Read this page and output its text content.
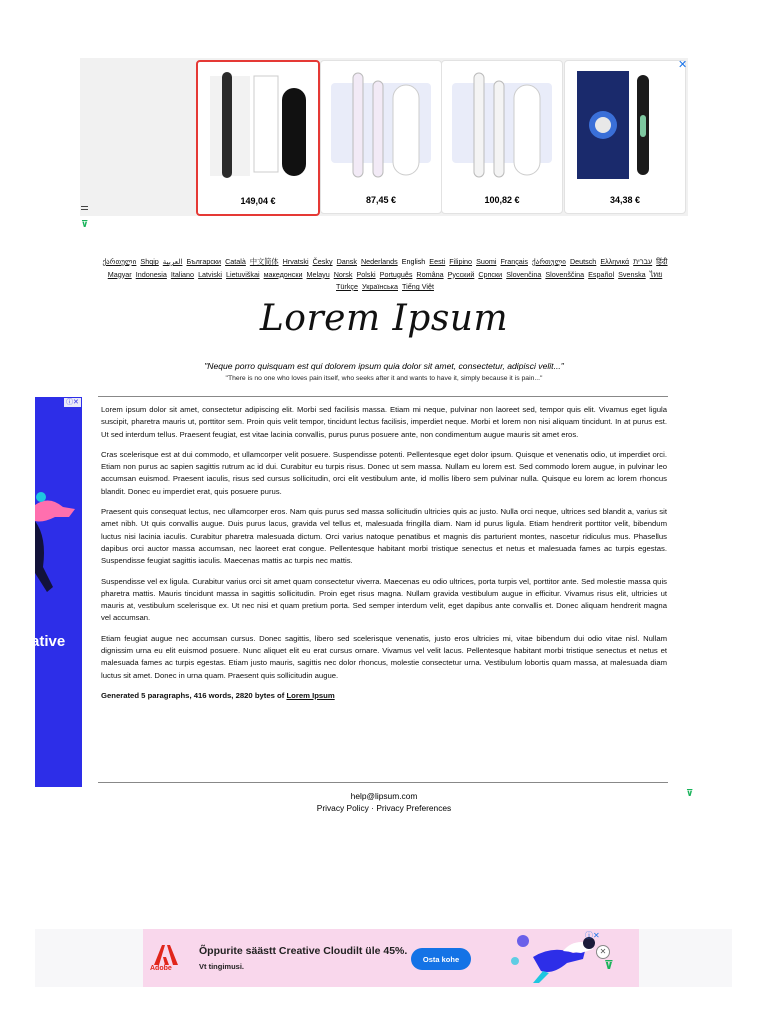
149,04 €	87,45 €	100,82 €	34,38 €
✕
⊽
ქართული Shqip العربية Български Català 中文简体 Hrvatski Česky Dansk Nederlands English Eesti Filipino Suomi Français ქართული Deutsch Ελληνικά עברית हिंदी Magyar Indonesia Italiano Latviski Lietuviškai македонски Melayu Norsk Polski Português Româna Pyccкий Српски Slovenčina Slovenščina Español Svenska ไทย Türkçe Українська Tiếng Việt
Lorem Ipsum
"Neque porro quisquam est qui dolorem ipsum quia dolor sit amet, consectetur, adipisci velit..."
"There is no one who loves pain itself, who seeks after it and wants to have it, simply because it is pain..."
ative
ⓘ✕

Lorem ipsum dolor sit amet, consectetur adipiscing elit. Morbi sed facilisis massa. Etiam mi neque, pulvinar non laoreet sed, tempor quis elit. Vivamus eget ligula suscipit, pharetra mauris ut, porttitor sem. Proin quis velit tempor, tincidunt lectus facilisis, imperdiet neque. Morbi et lorem non nisi aliquam tincidunt. In at purus est. Ut sed interdum tellus. Praesent feugiat, est vitae lacinia convallis, purus purus posuere ante, non condimentum augue mauris sit amet eros.

Cras scelerisque est at dui commodo, et ullamcorper velit posuere. Suspendisse potenti. Pellentesque eget dolor ipsum. Quisque et venenatis odio, ut imperdiet orci. Etiam non purus ac sapien sagittis rutrum ac id dui. Curabitur eu turpis risus. Donec ut sem massa. Nullam eu lorem est. Sed commodo lorem augue, in pulvinar leo accumsan euismod. Praesent iaculis, risus sed cursus sollicitudin, orci elit vestibulum ante, id mollis libero sem pulvinar nulla. Quisque eu lorem ac lorem rhoncus blandit. Donec eu imperdiet erat, quis posuere purus.

Praesent quis consequat lectus, nec ullamcorper eros. Nam quis purus sed massa sollicitudin ultricies quis ac justo. Nulla orci neque, ultrices sed blandit a, varius sit amet nibh. Ut quis convallis augue. Duis purus lacus, gravida vel tellus et, malesuada fringilla diam. Nam id purus ligula. Etiam hendrerit porttitor velit, bibendum luctus nisi lacinia iaculis. Curabitur pharetra malesuada dictum. Orci varius natoque penatibus et magnis dis parturient montes, nascetur ridiculus mus. Phasellus dapibus orci auctor massa accumsan, nec laoreet erat congue. Pellentesque habitant morbi tristique senectus et netus et malesuada fames ac turpis egestas. Suspendisse feugiat sagittis iaculis. Maecenas mattis ac turpis nec mattis.

Suspendisse vel ex ligula. Curabitur varius orci sit amet quam consectetur viverra. Maecenas eu odio ultrices, porta turpis vel, porttitor ante. Sed molestie massa quis pharetra mattis. Mauris tincidunt massa in sagittis sollicitudin. Proin eget risus magna. Nullam gravida vestibulum augue in efficitur. Vivamus risus elit, ultricies ut mauris at, vestibulum scelerisque ex. Ut nec nisi et quam pretium porta. Sed semper interdum velit, eget dapibus ante convallis et. Donec aliquam hendrerit magna vel accumsan.

Etiam feugiat augue nec accumsan cursus. Donec sagittis, libero sed scelerisque venenatis, justo eros ultricies mi, vitae bibendum dui odio vitae nisl. Nullam dignissim urna eu elit euismod posuere. Nunc aliquet elit eu erat cursus ornare. Vivamus vel velit lacus. Pellentesque habitant morbi tristique senectus et netus et malesuada fames ac turpis egestas. Etiam justo mauris, sagittis nec dolor rhoncus, molestie consectetur urna. Vestibulum lobortis quam massa, at malesuada diam luctus sit amet. Donec in urna quam. Praesent quis sollicitudin augue.

Generated 5 paragraphs, 416 words, 2820 bytes of Lorem Ipsum

⊽
help@lipsum.com
Privacy Policy · Privacy Preferences
Adobe
Õppurite säästt Creative Cloudilt üle 45%.
Vt tingimusi.
Osta kohe
ⓘ✕
✕
⊽
